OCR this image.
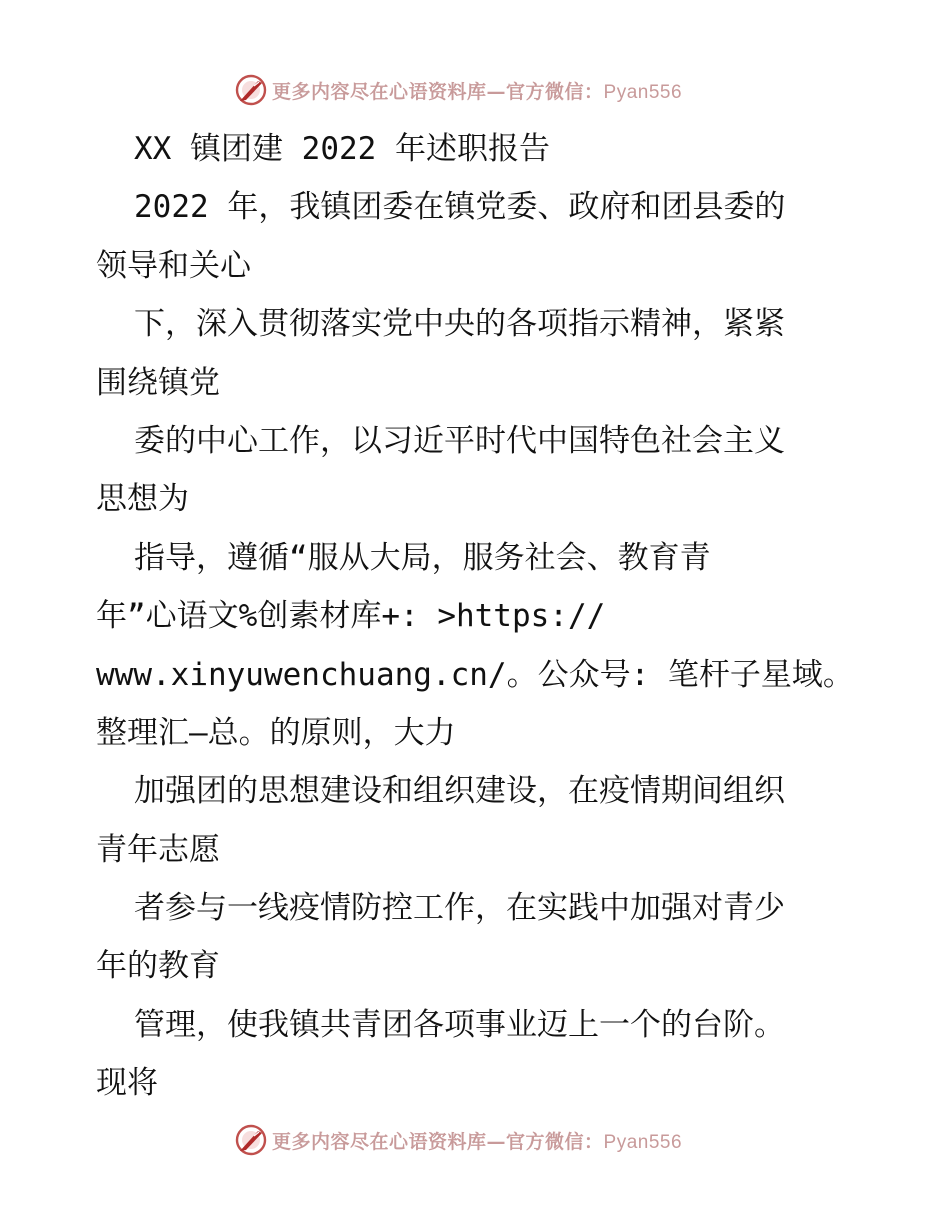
更多内容尽在心语资料库—官方微信：Pyan556
XX 镇团建 2022 年述职报告
2022 年，我镇团委在镇党委、政府和团县委的
领导和关心
下，深入贯彻落实党中央的各项指示精神，紧紧
围绕镇党
委的中心工作，以习近平时代中国特色社会主义
思想为
指导，遵循“服从大局，服务社会、教育青
年”心语文%创素材库+: >https://
www.xinyuwenchuang.cn/。公众号: 笔杆子星域。
整理汇—总。的原则，大力
加强团的思想建设和组织建设，在疫情期间组织
青年志愿
者参与一线疫情防控工作，在实践中加强对青少
年的教育
管理，使我镇共青团各项事业迈上一个的台阶。
现将
更多内容尽在心语资料库—官方微信：Pyan556
